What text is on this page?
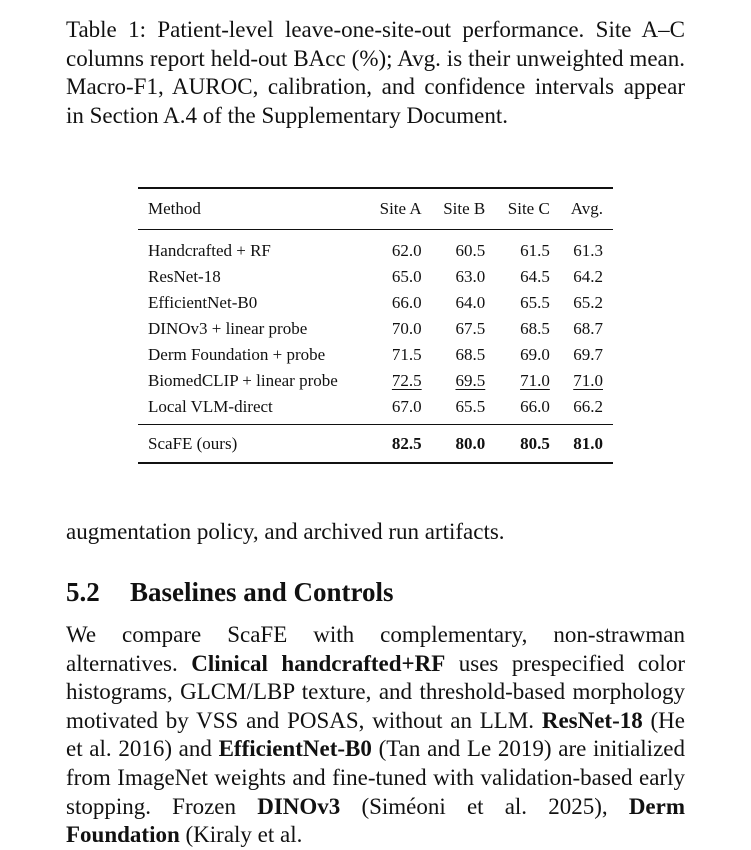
Table 1: Patient-level leave-one-site-out performance. Site A–C columns report held-out BAcc (%); Avg. is their unweighted mean. Macro-F1, AUROC, calibration, and confidence intervals appear in Section A.4 of the Supplementary Document.
Method	Site A	Site B	Site C	Avg.
Handcrafted + RF	62.0	60.5	61.5	61.3
ResNet-18	65.0	63.0	64.5	64.2
EfficientNet-B0	66.0	64.0	65.5	65.2
DINOv3 + linear probe	70.0	67.5	68.5	68.7
Derm Foundation + probe	71.5	68.5	69.0	69.7
BiomedCLIP + linear probe	72.5	69.5	71.0	71.0
Local VLM-direct	67.0	65.5	66.0	66.2
ScaFE (ours)	82.5	80.0	80.5	81.0
augmentation policy, and archived run artifacts.
5.2 Baselines and Controls
We compare ScaFE with complementary, non-strawman alternatives. Clinical handcrafted+RF uses prespecified color histograms, GLCM/LBP texture, and threshold-based morphology motivated by VSS and POSAS, without an LLM. ResNet-18 (He et al. 2016) and EfficientNet-B0 (Tan and Le 2019) are initialized from ImageNet weights and fine-tuned with validation-based early stopping. Frozen DINOv3 (Siméoni et al. 2025), Derm Foundation (Kiraly et al.
